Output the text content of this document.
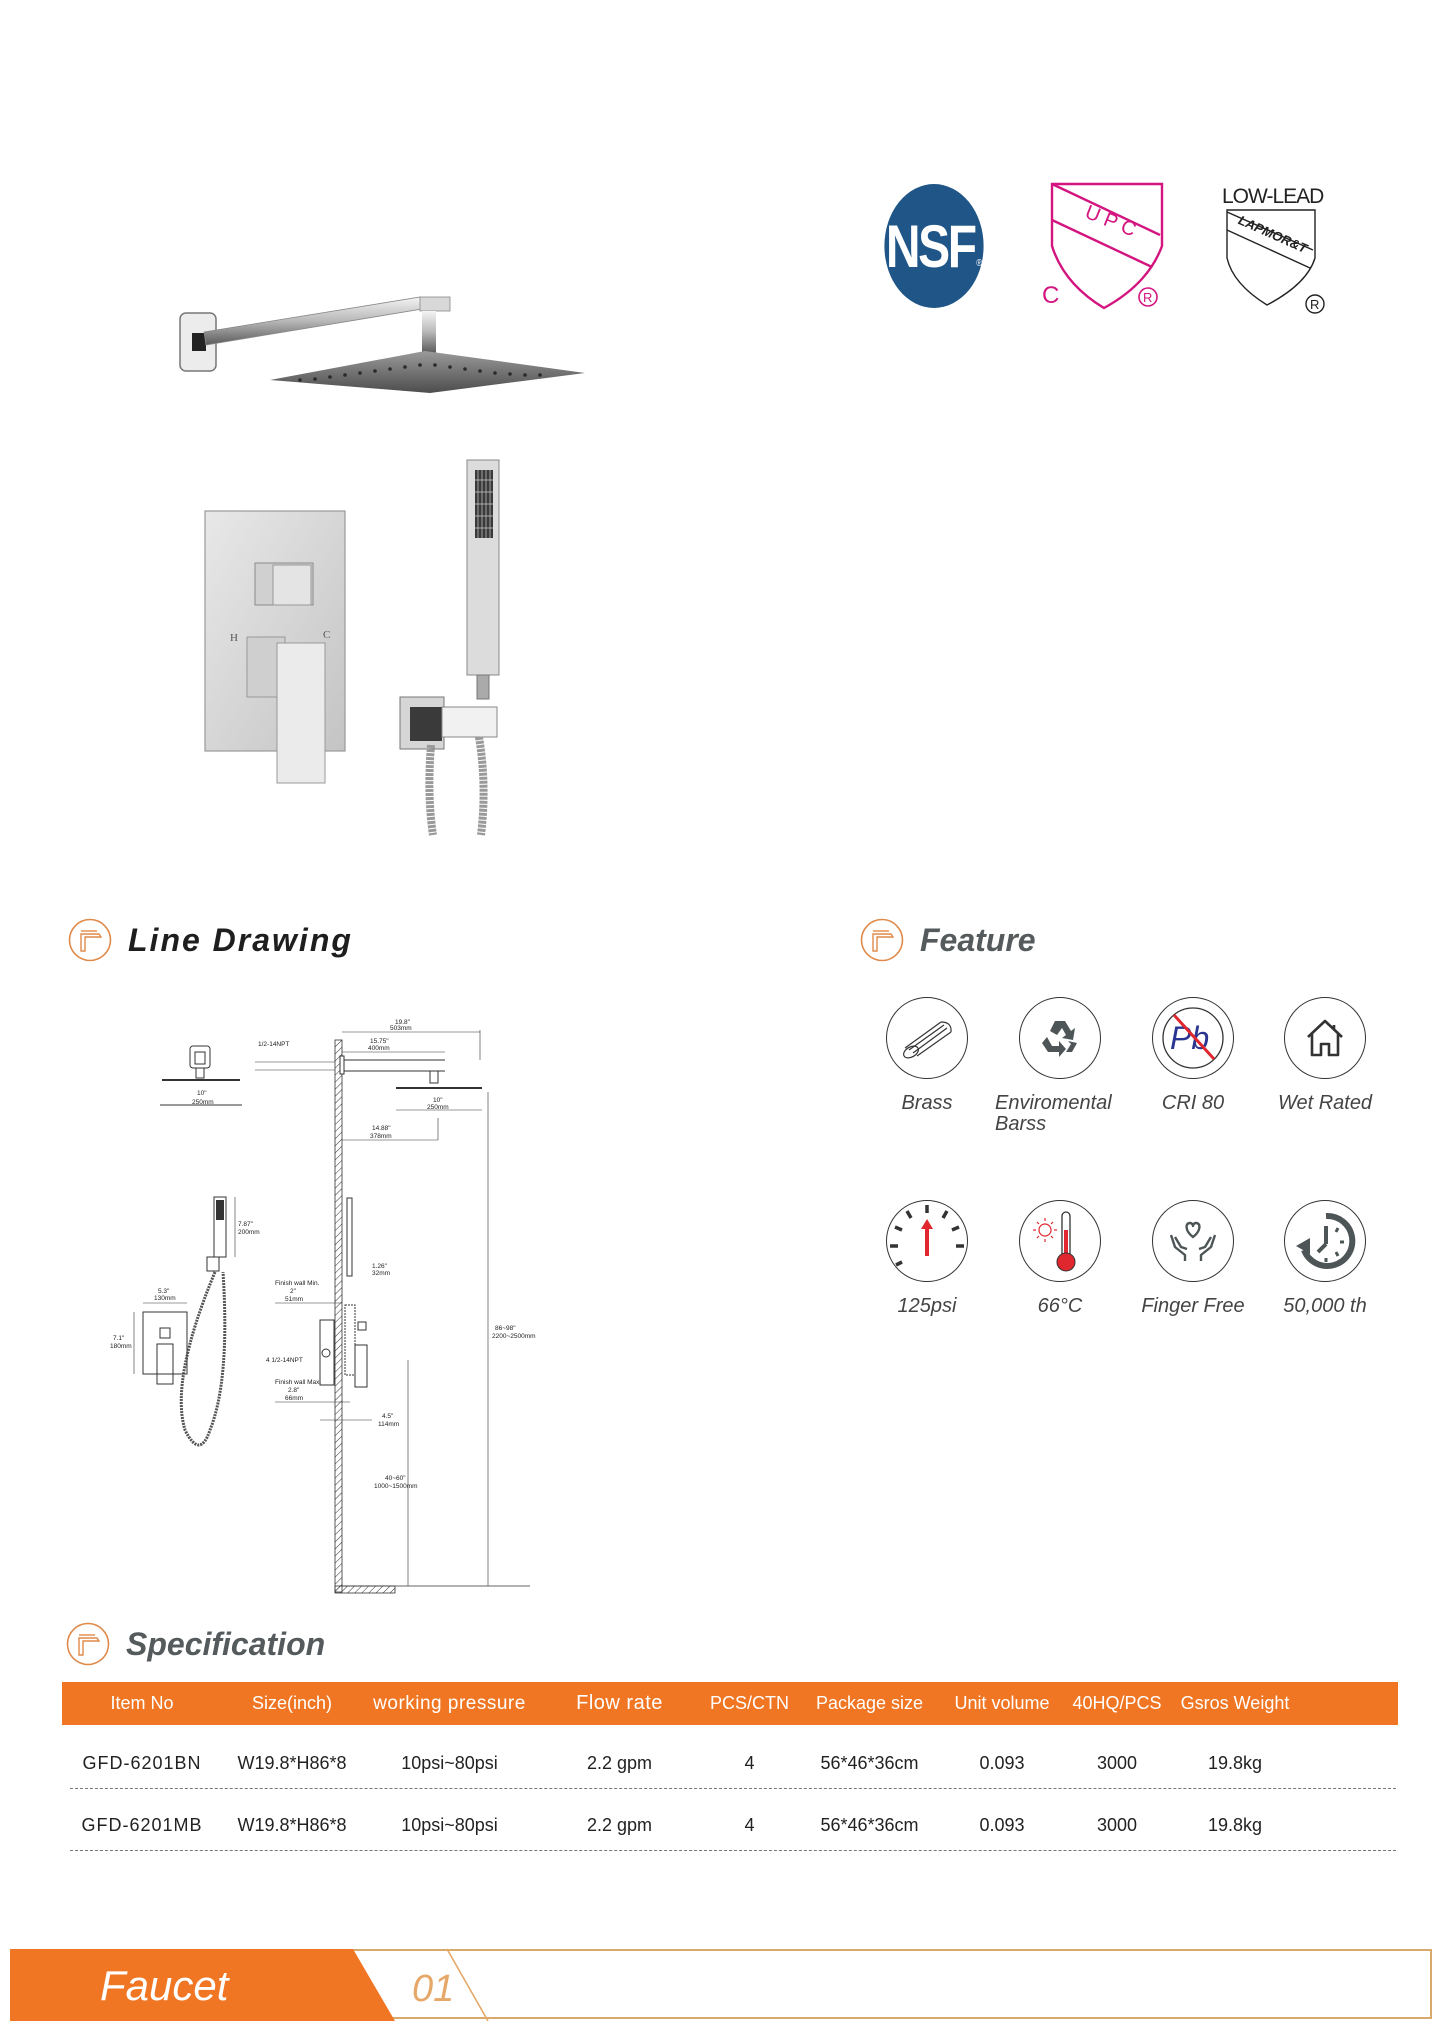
NSF ®
U P C
C	R
LOW-LEAD
LAPMOR&T
R
H	C
Line Drawing
10"
250mm
19.8"
503mm
15.75"
400mm
1/2-14NPT
10"
250mm
14.88"
378mm
86~98"
2200~2500mm
40~60"
1000~1500mm
1.26"
32mm
Finish wall Min.
2"
51mm
4 1/2-14NPT
Finish wall Max.
2.8"
66mm
4.5"
114mm
7.87"
200mm
5.3"
130mm
7.1"
180mm
Feature
Brass Enviromental Barss
Pb
CRI 80	Wet Rated
125psi	66°C	Finger Free 50,000 th
Specification
Item No	Size(inch)	working pressure	Flow rate	PCS/CTN	Package size	Unit volume	40HQ/PCS	Gsros Weight
GFD-6201BN	W19.8*H86*8	10psi~80psi	2.2 gpm	4	56*46*36cm	0.093	3000	19.8kg
GFD-6201MB	W19.8*H86*8	10psi~80psi	2.2 gpm	4	56*46*36cm	0.093	3000	19.8kg
Faucet	01
